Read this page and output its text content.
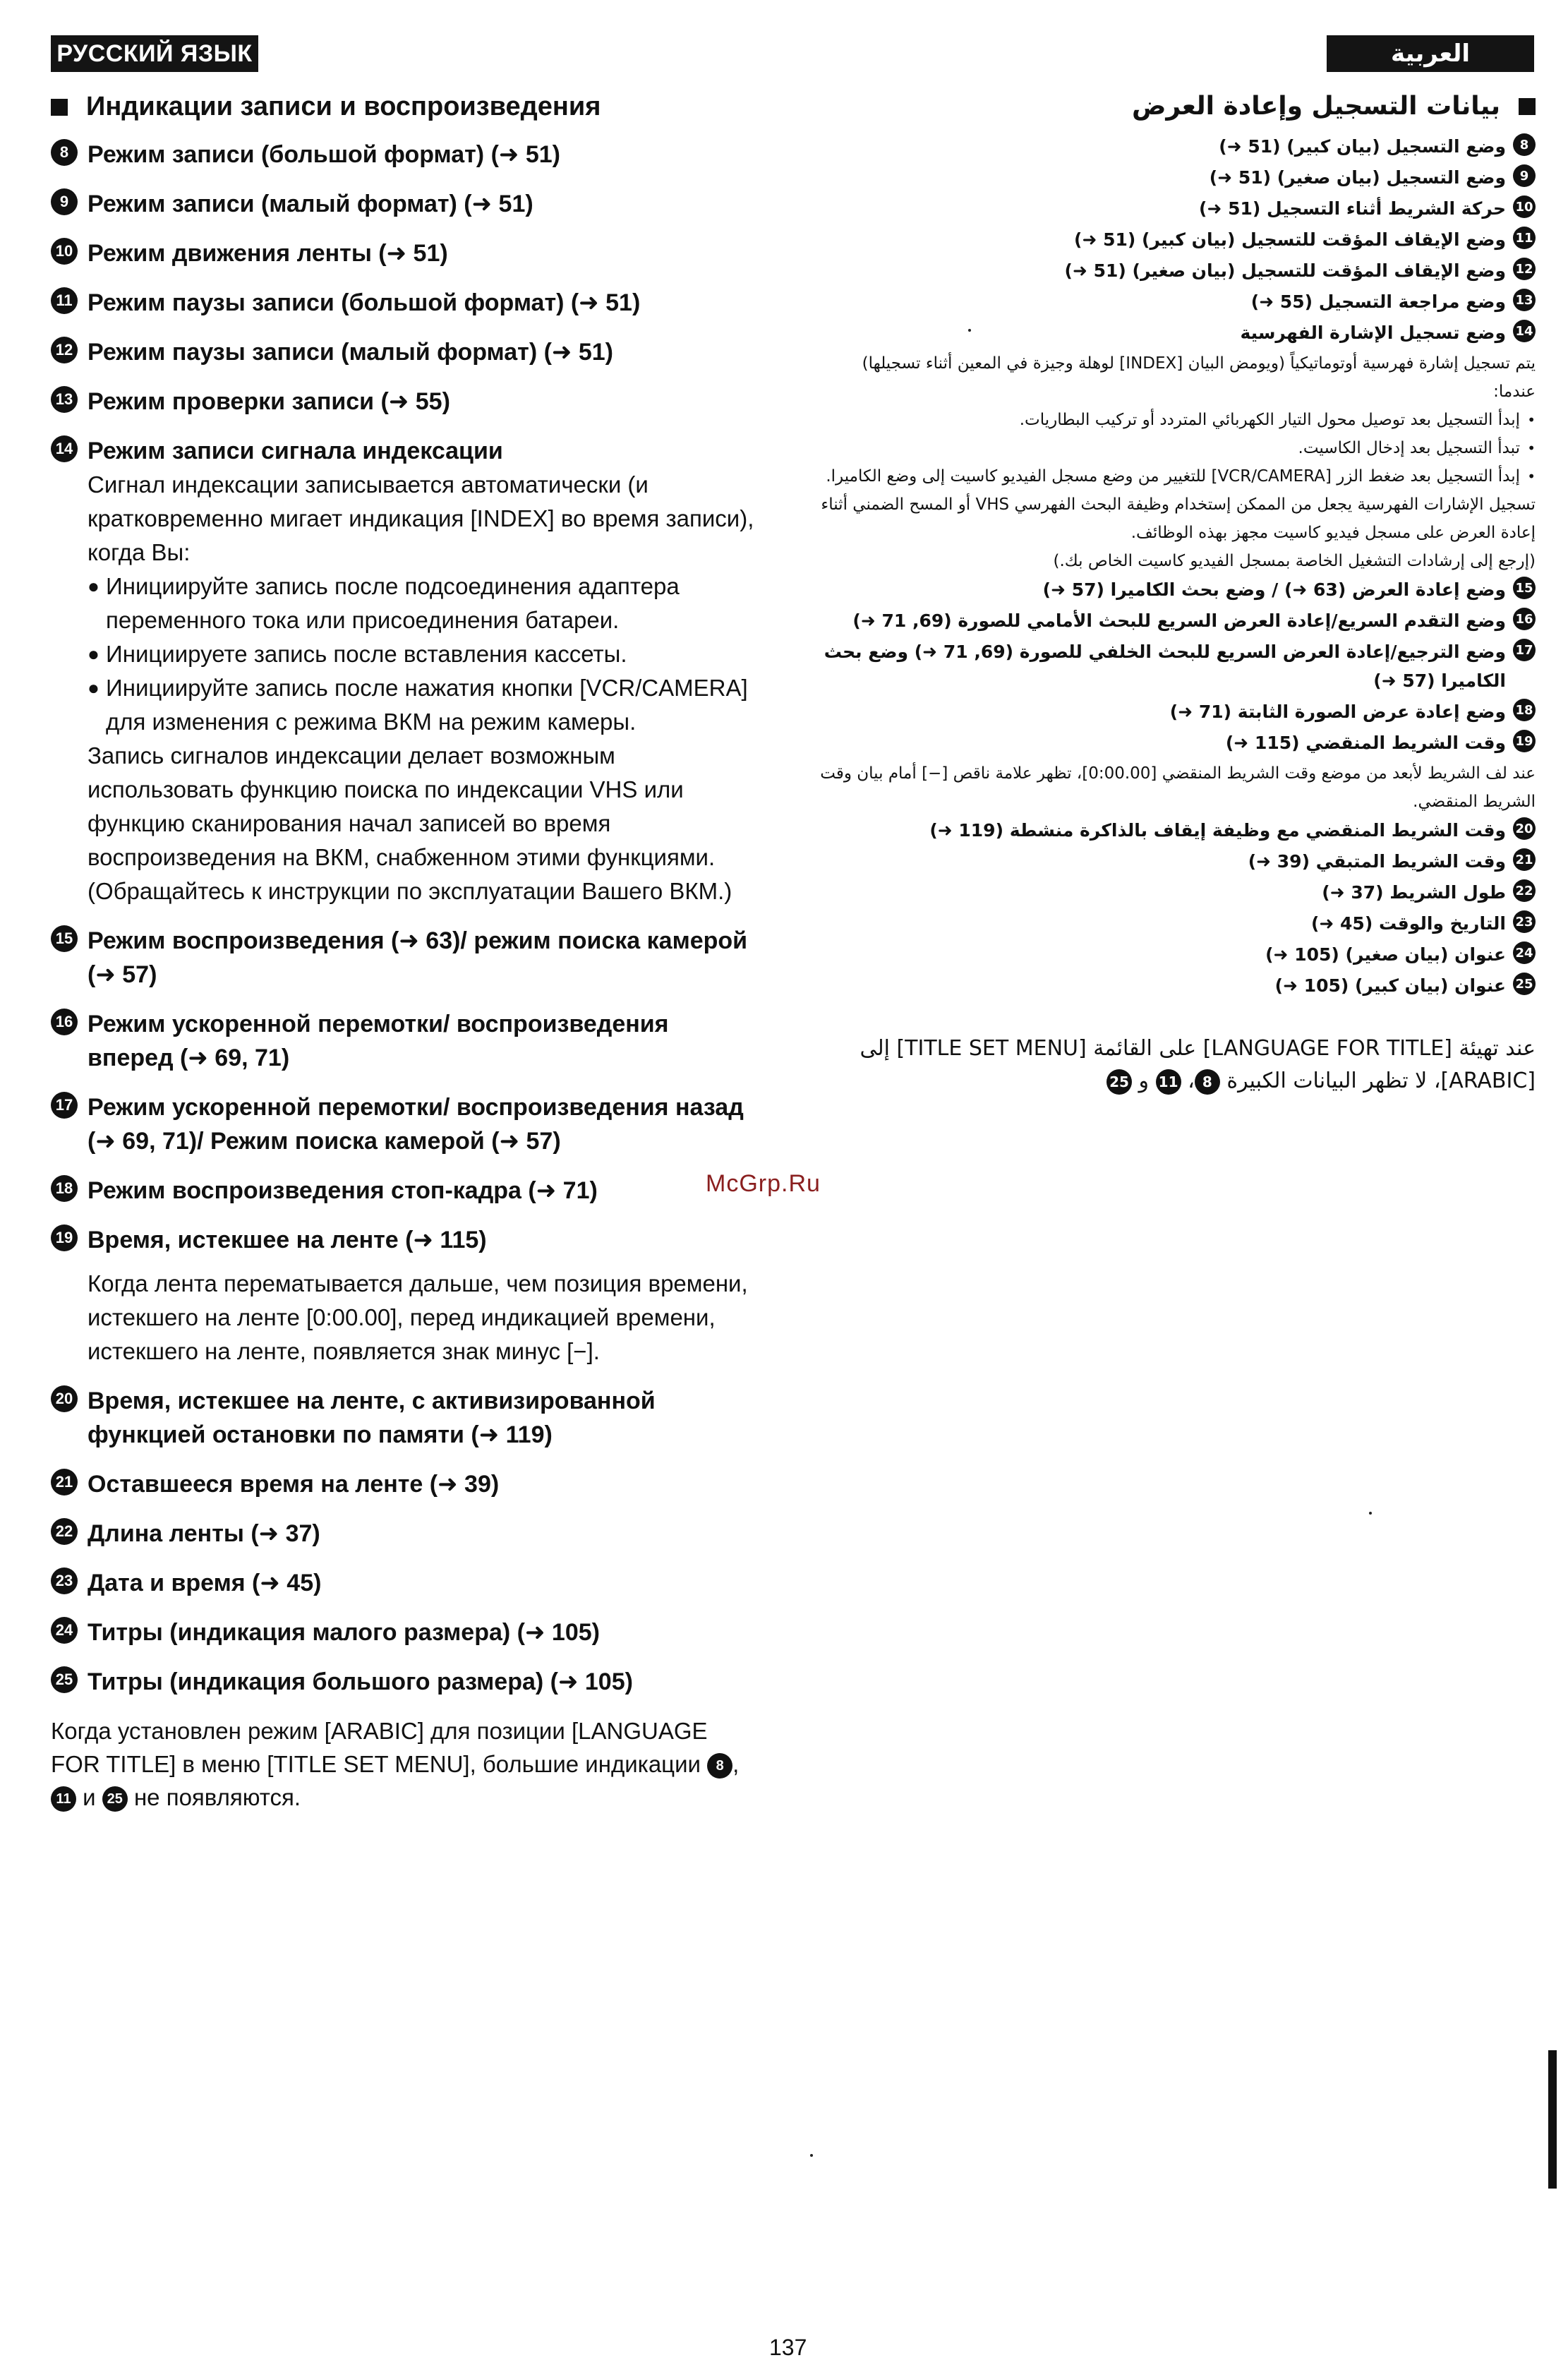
РУССКИЙ ЯЗЫК	العربية
Индикации записи и воспроизведения
8 Режим записи (большой формат) (➜ 51)
9 Режим записи (малый формат) (➜ 51)
10 Режим движения ленты (➜ 51)
11 Режим паузы записи (большой формат) (➜ 51)
12 Режим паузы записи (малый формат) (➜ 51)
13 Режим проверки записи (➜ 55)
14 Режим записи сигнала индексации
Сигнал индексации записывается автоматически (и кратковременно мигает индикация [INDEX] во время записи), когда Вы:
● Инициируйте запись после подсоединения адаптера переменного тока или присоединения батареи.
● Инициируете запись после вставления кассеты.
● Инициируйте запись после нажатия кнопки [VCR/CAMERA] для изменения с режима ВКМ на режим камеры.
Запись сигналов индексации делает возможным использовать функцию поиска по индексации VHS или функцию сканирования начал записей во время воспроизведения на ВКМ, снабженном этими функциями.
(Обращайтесь к инструкции по эксплуатации Вашего ВКМ.)
15 Режим воспроизведения (➜ 63)/ режим поиска камерой (➜ 57)
16 Режим ускоренной перемотки/ воспроизведения вперед (➜ 69, 71)
17 Режим ускоренной перемотки/ воспроизведения назад (➜ 69, 71)/ Режим поиска камерой (➜ 57)
18 Режим воспроизведения стоп-кадра (➜ 71)
19 Время, истекшее на ленте (➜ 115)
Когда лента перематывается дальше, чем позиция времени, истекшего на ленте [0:00.00], перед индикацией времени, истекшего на ленте, появляется знак минус [−].
20 Время, истекшее на ленте, с активизированной функцией остановки по памяти (➜ 119)
21 Оставшееся время на ленте (➜ 39)
22 Длина ленты (➜ 37)
23 Дата и время (➜ 45)
24 Титры (индикация малого размера) (➜ 105)
25 Титры (индикация большого размера) (➜ 105)
Когда установлен режим [ARABIC] для позиции [LANGUAGE FOR TITLE] в меню [TITLE SET MENU], большие индикации 8 , 11 и 25 не появляются.
بيانات التسجيل وإعادة العرض
8
وضع التسجيل (بيان كبير) (51 ➜)
9
وضع التسجيل (بيان صغير) (51 ➜)
10
حركة الشريط أثناء التسجيل (51 ➜)
11
وضع الإيقاف المؤقت للتسجيل (بيان كبير) (51 ➜)
12
وضع الإيقاف المؤقت للتسجيل (بيان صغير) (51 ➜)
13
وضع مراجعة التسجيل (55 ➜)
14
وضع تسجيل الإشارة الفهرسية
يتم تسجيل إشارة فهرسية أوتوماتيكياً (ويومض البيان [INDEX] لوهلة وجيزة في المعين أثناء تسجيلها) عندما:
•
إبدأ التسجيل بعد توصيل محول التيار الكهربائي المتردد أو تركيب البطاريات.
•
تبدأ التسجيل بعد إدخال الكاسيت.
•
إبدأ التسجيل بعد ضغط الزر [VCR/CAMERA] للتغيير من وضع مسجل الفيديو كاسيت إلى وضع الكاميرا.
تسجيل الإشارات الفهرسية يجعل من الممكن إستخدام وظيفة البحث الفهرسي VHS أو المسح الضمني أثناء إعادة العرض على مسجل فيديو كاسيت مجهز بهذه الوظائف.
(إرجع إلى إرشادات التشغيل الخاصة بمسجل الفيديو كاسيت الخاص بك.)
15
وضع إعادة العرض (63 ➜) / وضع بحث الكاميرا (57 ➜)
16
وضع التقدم السريع/إعادة العرض السريع للبحث الأمامي للصورة (69, 71 ➜)
17
وضع الترجيع/إعادة العرض السريع للبحث الخلفي للصورة (69, 71 ➜) وضع بحث الكاميرا (57 ➜)
18
وضع إعادة عرض الصورة الثابتة (71 ➜)
19
وقت الشريط المنقضي (115 ➜)
عند لف الشريط لأبعد من موضع وقت الشريط المنقضي [0:00.00]، تظهر علامة ناقص [−] أمام بيان وقت الشريط المنقضي.
20
وقت الشريط المنقضي مع وظيفة إيقاف بالذاكرة منشطة (119 ➜)
21
وقت الشريط المتبقي (39 ➜)
22
طول الشريط (37 ➜)
23
التاريخ والوقت (45 ➜)
24
عنوان (بيان صغير) (105 ➜)
25
عنوان (بيان كبير) (105 ➜)
عند تهيئة [LANGUAGE FOR TITLE] على القائمة [TITLE SET MENU] إلى [ARABIC]، لا تظهر البيانات الكبيرة 8، 11 و 25
McGrp.Ru
137
